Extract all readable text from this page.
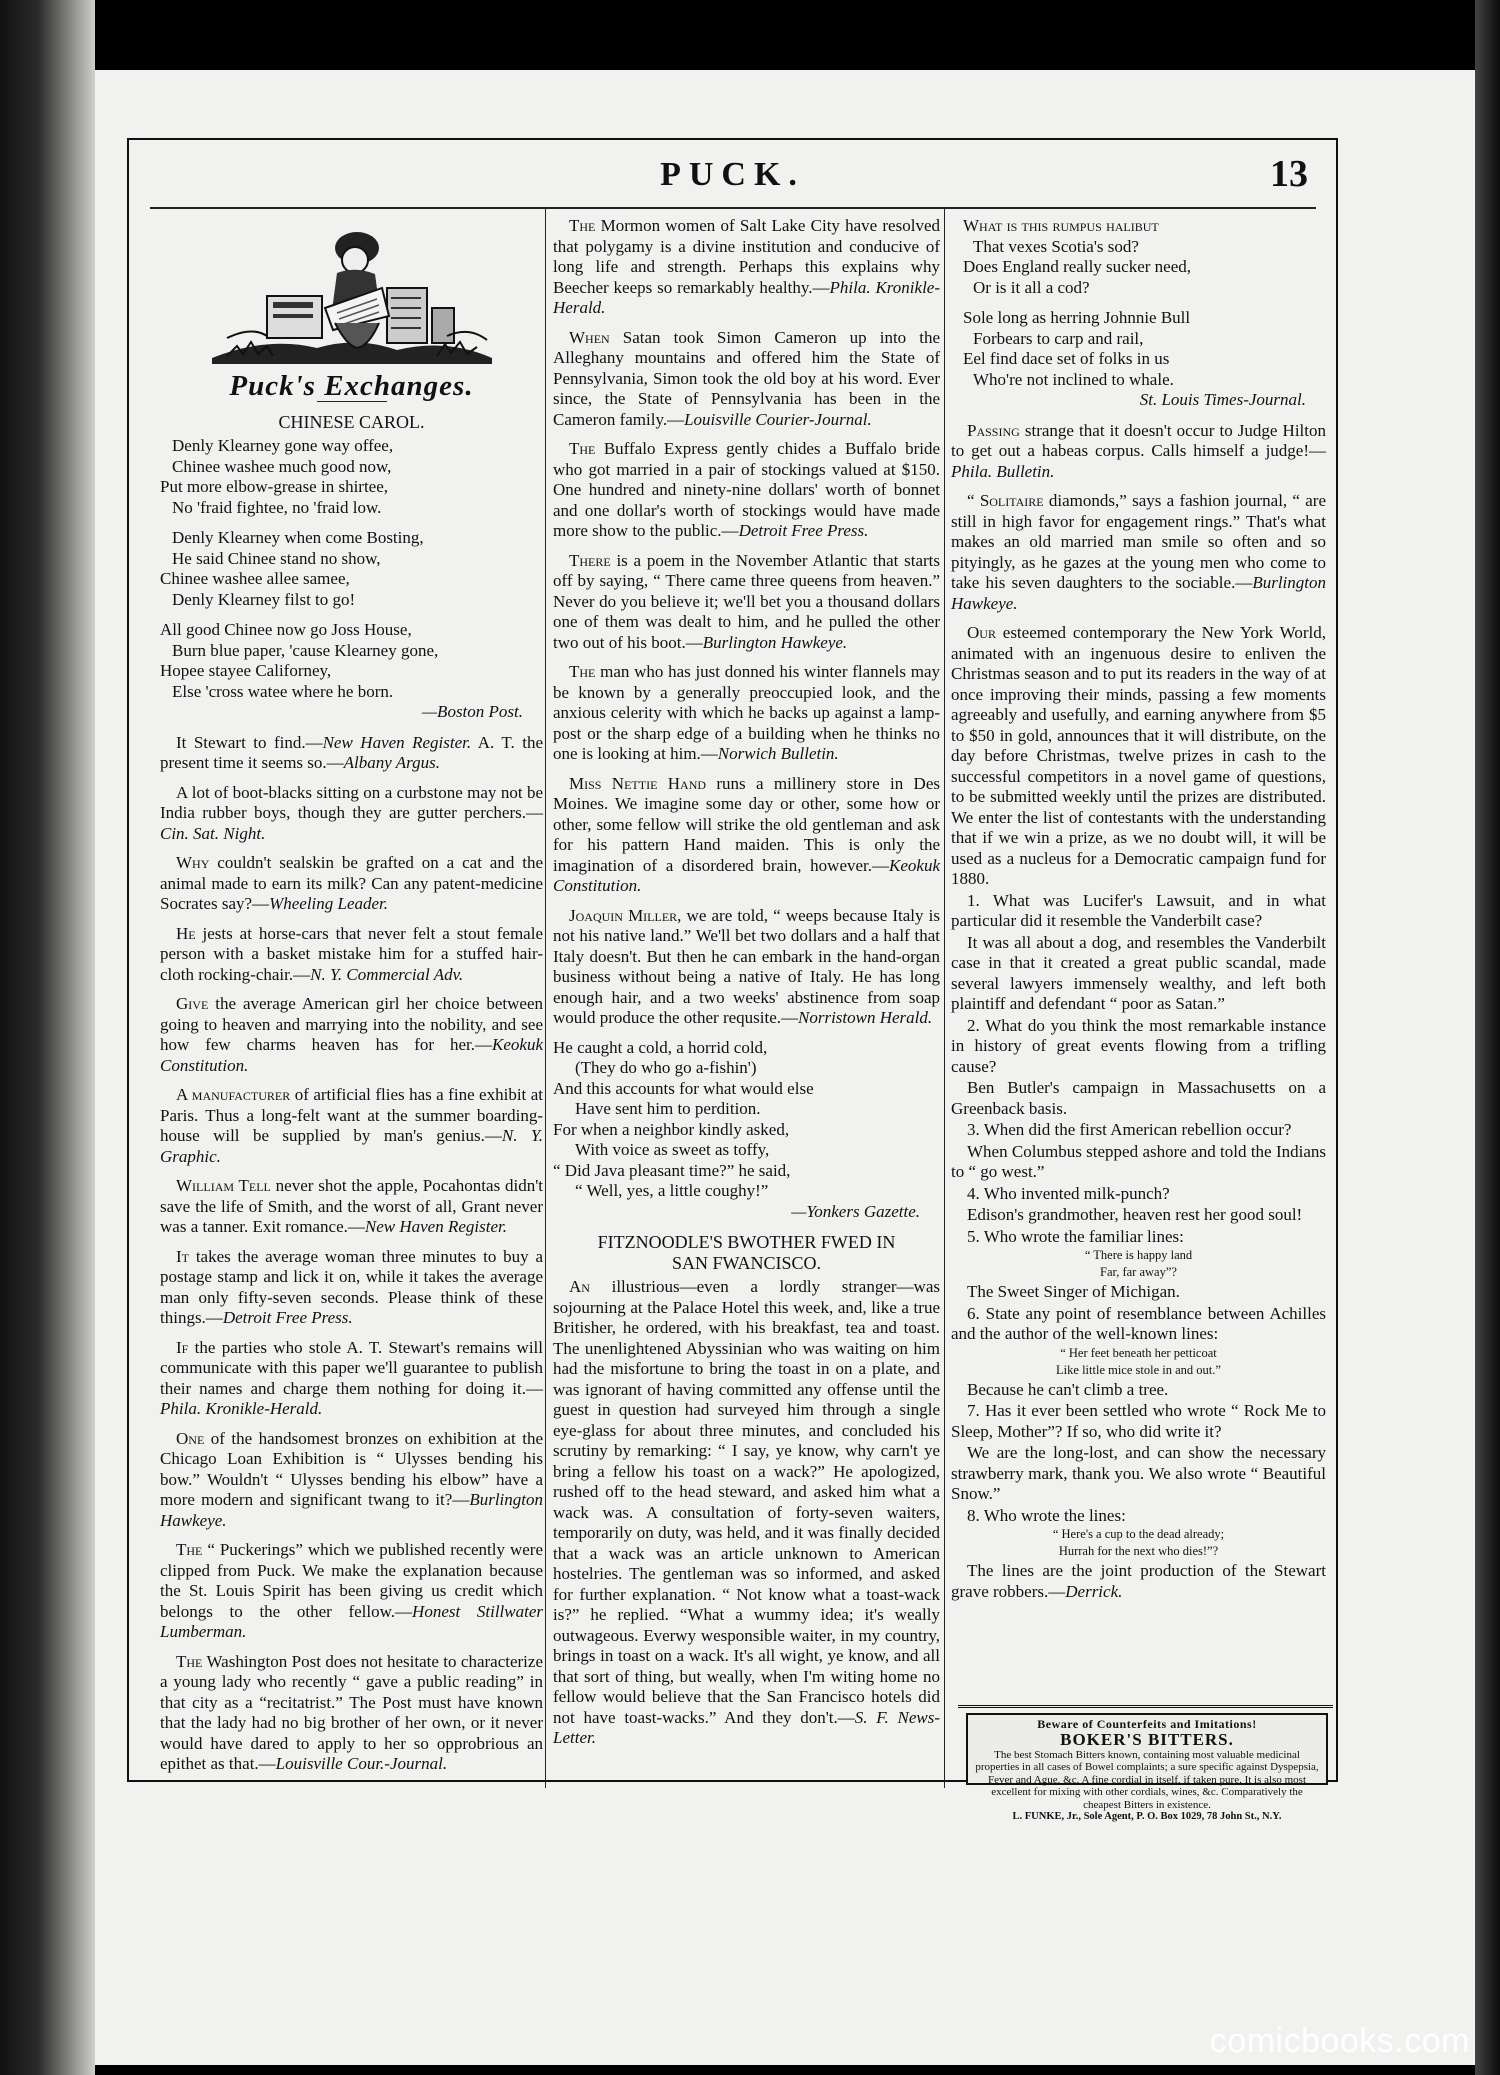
PUCK.	13
Puck's Exchanges.
CHINESE CAROL.
Denly Klearney gone way offee,
Chinee washee much good now,
Put more elbow-grease in shirtee,
No 'fraid fightee, no 'fraid low.
Denly Klearney when come Bosting,
He said Chinee stand no show,
Chinee washee allee samee,
Denly Klearney filst to go!
All good Chinee now go Joss House,
Burn blue paper, 'cause Klearney gone,
Hopee stayee Californey,
Else 'cross watee where he born.
—Boston Post.

It Stewart to find.—New Haven Register. A. T. the present time it seems so.—Albany Argus.

A lot of boot-blacks sitting on a curbstone may not be India rubber boys, though they are gutter perchers.—Cin. Sat. Night.

Why couldn't sealskin be grafted on a cat and the animal made to earn its milk? Can any patent-medicine Socrates say?—Wheeling Leader.

He jests at horse-cars that never felt a stout female person with a basket mistake him for a stuffed hair-cloth rocking-chair.—N. Y. Commercial Adv.

Give the average American girl her choice between going to heaven and marrying into the nobility, and see how few charms heaven has for her.—Keokuk Constitution.

A manufacturer of artificial flies has a fine exhibit at Paris. Thus a long-felt want at the summer boarding-house will be supplied by man's genius.—N. Y. Graphic.

William Tell never shot the apple, Pocahontas didn't save the life of Smith, and the worst of all, Grant never was a tanner. Exit romance.—New Haven Register.

It takes the average woman three minutes to buy a postage stamp and lick it on, while it takes the average man only fifty-seven seconds. Please think of these things.—Detroit Free Press.

If the parties who stole A. T. Stewart's remains will communicate with this paper we'll guarantee to publish their names and charge them nothing for doing it.—Phila. Kronikle-Herald.

One of the handsomest bronzes on exhibition at the Chicago Loan Exhibition is “ Ulysses bending his bow.” Wouldn't “ Ulysses bending his elbow” have a more modern and significant twang to it?—Burlington Hawkeye.

The “ Puckerings” which we published recently were clipped from Puck. We make the explanation because the St. Louis Spirit has been giving us credit which belongs to the other fellow.—Honest Stillwater Lumberman.

The Washington Post does not hesitate to characterize a young lady who recently “ gave a public reading” in that city as a “recitatrist.” The Post must have known that the lady had no big brother of her own, or it never would have dared to apply to her so opprobrious an epithet as that.—Louisville Cour.-Journal.

The Mormon women of Salt Lake City have resolved that polygamy is a divine institution and conducive of long life and strength. Perhaps this explains why Beecher keeps so remarkably healthy.—Phila. Kronikle-Herald.

When Satan took Simon Cameron up into the Alleghany mountains and offered him the State of Pennsylvania, Simon took the old boy at his word. Ever since, the State of Pennsylvania has been in the Cameron family.—Louisville Courier-Journal.

The Buffalo Express gently chides a Buffalo bride who got married in a pair of stockings valued at $150. One hundred and ninety-nine dollars' worth of bonnet and one dollar's worth of stockings would have made more show to the public.—Detroit Free Press.

There is a poem in the November Atlantic that starts off by saying, “ There came three queens from heaven.” Never do you believe it; we'll bet you a thousand dollars one of them was dealt to him, and he pulled the other two out of his boot.—Burlington Hawkeye.

The man who has just donned his winter flannels may be known by a generally preoccupied look, and the anxious celerity with which he backs up against a lamp-post or the sharp edge of a building when he thinks no one is looking at him.—Norwich Bulletin.

Miss Nettie Hand runs a millinery store in Des Moines. We imagine some day or other, some how or other, some fellow will strike the old gentleman and ask for his pattern Hand maiden. This is only the imagination of a disordered brain, however.—Keokuk Constitution.

Joaquin Miller, we are told, “ weeps because Italy is not his native land.” We'll bet two dollars and a half that Italy doesn't. But then he can embark in the hand-organ business without being a native of Italy. He has long enough hair, and a two weeks' abstinence from soap would produce the other requsite.—Norristown Herald.

He caught a cold, a horrid cold,
(They do who go a-fishin')
And this accounts for what would else
Have sent him to perdition.
For when a neighbor kindly asked,
With voice as sweet as toffy,
“ Did Java pleasant time?” he said,
“ Well, yes, a little coughy!”
—Yonkers Gazette.
FITZNOODLE'S BWOTHER FWED IN
SAN FWANCISCO.

An illustrious—even a lordly stranger—was sojourning at the Palace Hotel this week, and, like a true Britisher, he ordered, with his breakfast, tea and toast. The unenlightened Abyssinian who was waiting on him had the misfortune to bring the toast in on a plate, and was ignorant of having committed any offense until the guest in question had surveyed him through a single eye-glass for about three minutes, and concluded his scrutiny by remarking: “ I say, ye know, why carn't ye bring a fellow his toast on a wack?” He apologized, rushed off to the head steward, and asked him what a wack was. A consultation of forty-seven waiters, temporarily on duty, was held, and it was finally decided that a wack was an article unknown to American hostelries. The gentleman was so informed, and asked for further explanation. “ Not know what a toast-wack is?” he replied. “What a wummy idea; it's weally outwageous. Everwy wesponsible waiter, in my country, brings in toast on a wack. It's all wight, ye know, and all that sort of thing, but weally, when I'm witing home no fellow would believe that the San Francisco hotels did not have toast-wacks.” And they don't.—S. F. News-Letter.

What is this rumpus halibut
That vexes Scotia's sod?
Does England really sucker need,
Or is it all a cod?
Sole long as herring Johnnie Bull
Forbears to carp and rail,
Eel find dace set of folks in us
Who're not inclined to whale.
St. Louis Times-Journal.

Passing strange that it doesn't occur to Judge Hilton to get out a habeas corpus. Calls himself a judge!—Phila. Bulletin.

“ Solitaire diamonds,” says a fashion journal, “ are still in high favor for engagement rings.” That's what makes an old married man smile so often and so pityingly, as he gazes at the young men who come to take his seven daughters to the sociable.—Burlington Hawkeye.

Our esteemed contemporary the New York World, animated with an ingenuous desire to enliven the Christmas season and to put its readers in the way of at once improving their minds, passing a few moments agreeably and usefully, and earning anywhere from $5 to $50 in gold, announces that it will distribute, on the day before Christmas, twelve prizes in cash to the successful competitors in a novel game of questions, to be submitted weekly until the prizes are distributed. We enter the list of contestants with the understanding that if we win a prize, as we no doubt will, it will be used as a nucleus for a Democratic campaign fund for 1880.

1. What was Lucifer's Lawsuit, and in what particular did it resemble the Vanderbilt case?

It was all about a dog, and resembles the Vanderbilt case in that it created a great public scandal, made several lawyers immensely wealthy, and left both plaintiff and defendant “ poor as Satan.”

2. What do you think the most remarkable instance in history of great events flowing from a trifling cause?

Ben Butler's campaign in Massachusetts on a Greenback basis.

3. When did the first American rebellion occur?

When Columbus stepped ashore and told the Indians to “ go west.”

4. Who invented milk-punch?

Edison's grandmother, heaven rest her good soul!

5. Who wrote the familiar lines:

“ There is happy land
Far, far away”?

The Sweet Singer of Michigan.

6. State any point of resemblance between Achilles and the author of the well-known lines:

“ Her feet beneath her petticoat
Like little mice stole in and out.”

Because he can't climb a tree.

7. Has it ever been settled who wrote “ Rock Me to Sleep, Mother”? If so, who did write it?

We are the long-lost, and can show the necessary strawberry mark, thank you. We also wrote “ Beautiful Snow.”

8. Who wrote the lines:

“ Here's a cup to the dead already;
Hurrah for the next who dies!”?

The lines are the joint production of the Stewart grave robbers.—Derrick.

Beware of Counterfeits and Imitations!
BOKER'S BITTERS.
The best Stomach Bitters known, containing most valuable medicinal properties in all cases of Bowel complaints; a sure specific against Dyspepsia, Fever and Ague, &c. A fine cordial in itself, if taken pure. It is also most excellent for mixing with other cordials, wines, &c. Comparatively the cheapest Bitters in existence.
L. FUNKE, Jr., Sole Agent, P. O. Box 1029, 78 John St., N.Y.
comicbooks.com
